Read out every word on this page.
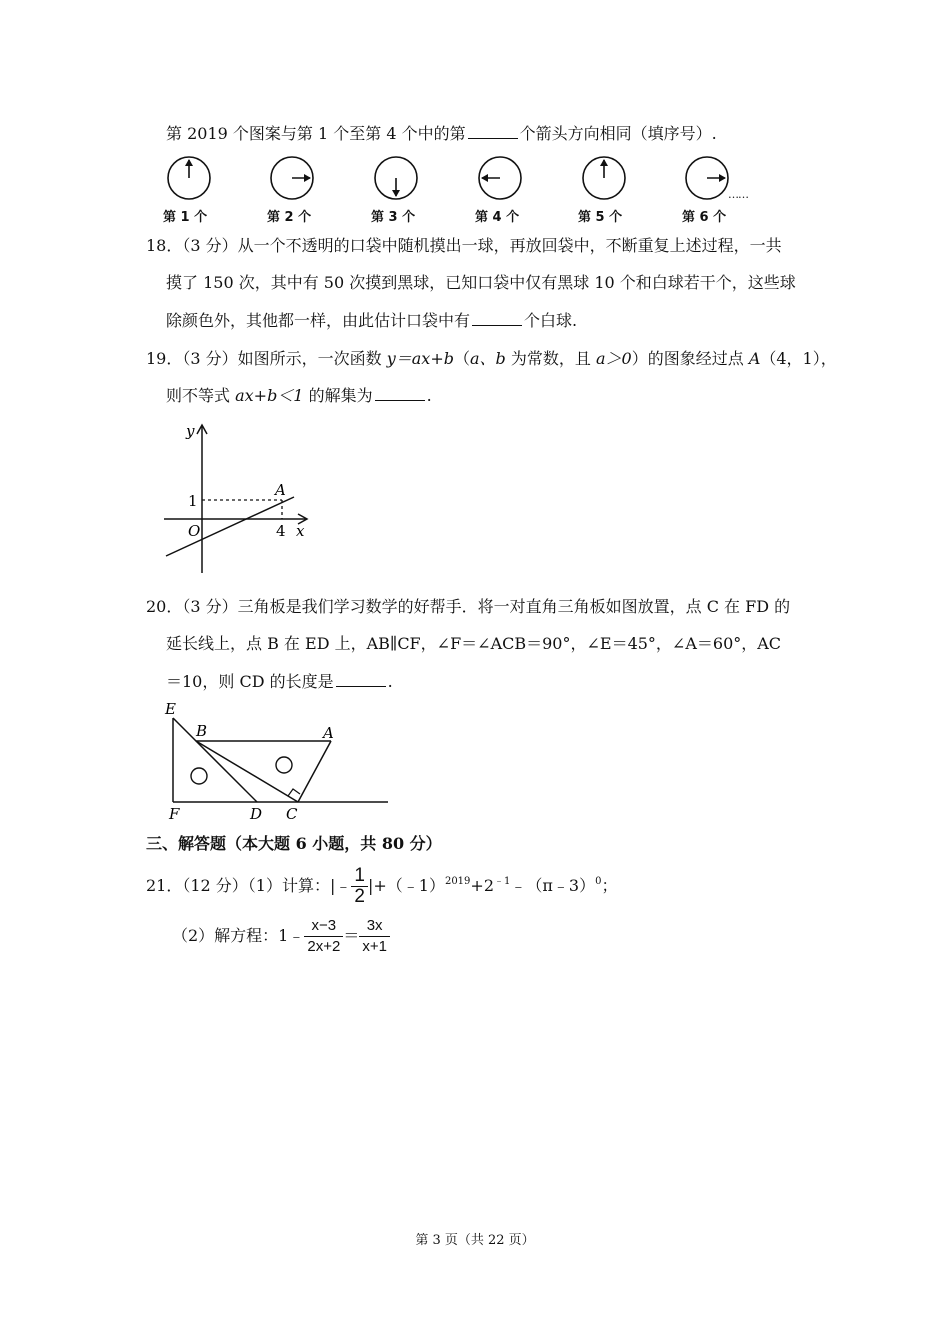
第 2019 个图案与第 1 个至第 4 个中的第	个箭头方向相同（填序号）.
……
第 1 个	第 2 个	第 3 个	第 4 个	第 5 个	第 6 个
18．（3 分）从一个不透明的口袋中随机摸出一球，再放回袋中，不断重复上述过程，一共
摸了 150 次，其中有 50 次摸到黑球，已知口袋中仅有黑球 10 个和白球若干个，这些球
除颜色外，其他都一样，由此估计口袋中有	个白球.
19．（3 分）如图所示，一次函数 y＝ax+b（a、b 为常数，且 a＞0）的图象经过点 A（4，1），
则不等式 ax+b＜1 的解集为	.
y
x
O
1
4
A
20．（3 分）三角板是我们学习数学的好帮手．将一对直角三角板如图放置，点 C 在 FD 的
延长线上，点 B 在 ED 上，AB∥CF，∠F＝∠ACB＝90°，∠E＝45°，∠A＝60°，AC
＝10，则 CD 的长度是	.
E
B	A
F	D C
三、解答题（本大题 6 小题，共 80 分）
21．（12 分）（1）计算：|﹣ $\frac{1}{2}$ $|+(﹣1)^{2019}+2^{﹣1}﹣(\pi﹣3)^0$；
（2）解方程：1﹣ $\frac{x-3}{2x+2} = \frac{3x}{x+1}$
第 3 页（共 22 页）
